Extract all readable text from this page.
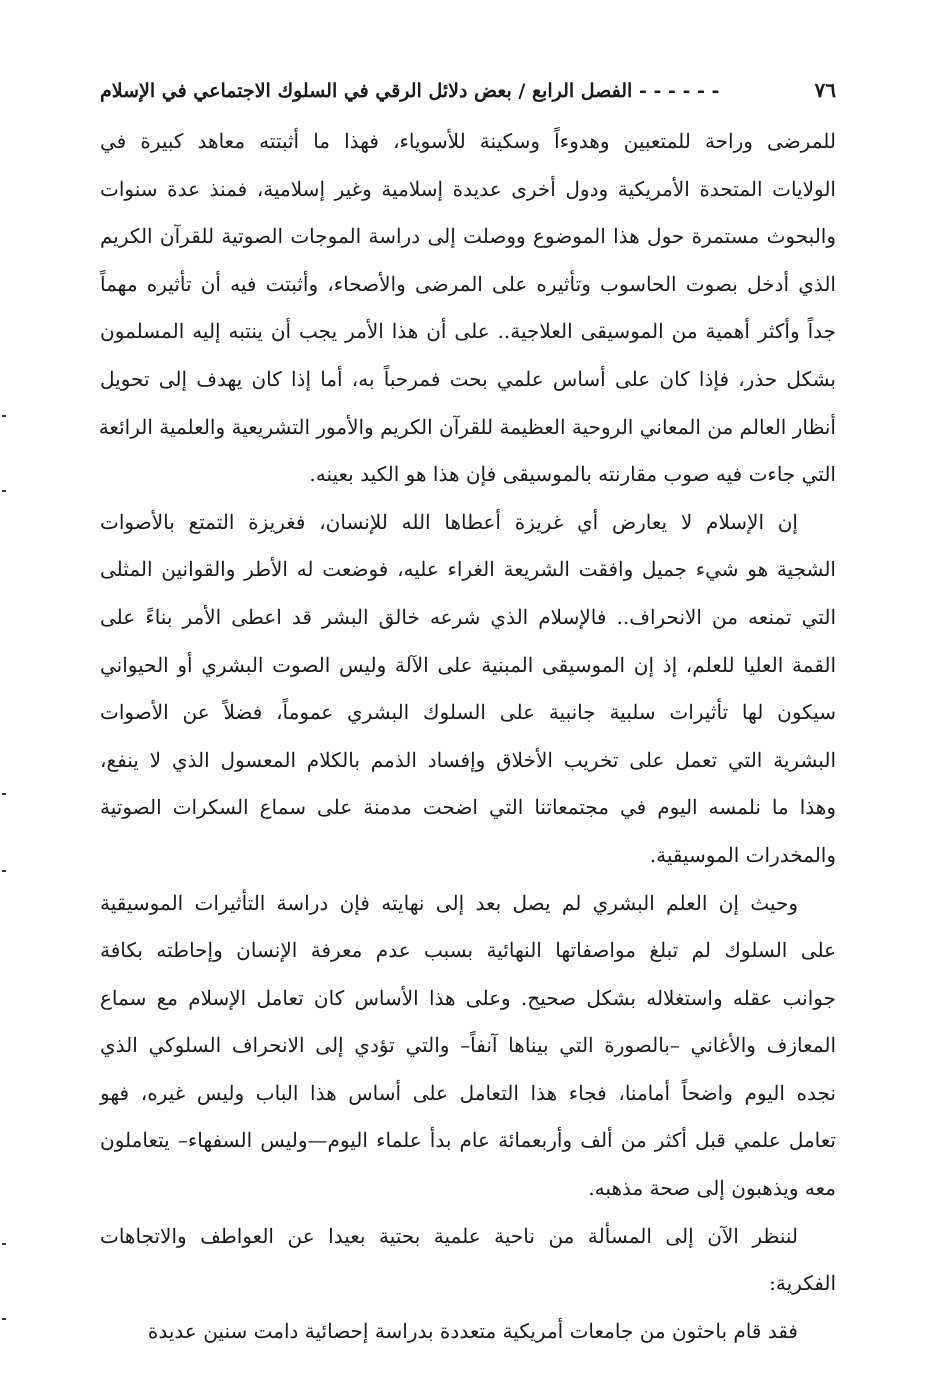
٧٦
- - - - - - الفصل الرابع / بعض دلائل الرقي في السلوك الاجتماعي في الإسلام
للمرضى وراحة للمتعبين وهدوءاً وسكينة للأسوياء، فهذا ما أثبتته معاهد كبيرة في
الولايات المتحدة الأمريكية ودول أخرى عديدة إسلامية وغير إسلامية، فمنذ عدة سنوات
والبحوث مستمرة حول هذا الموضوع ووصلت إلى دراسة الموجات الصوتية للقرآن الكريم
الذي أدخل بصوت الحاسوب وتأثيره على المرضى والأصحاء، وأثبتت فيه أن تأثيره مهماً
جداً وأكثر أهمية من الموسيقى العلاجية.. على أن هذا الأمر يجب أن ينتبه إليه المسلمون
بشكل حذر، فإذا كان على أساس علمي بحت فمرحباً به، أما إذا كان يهدف إلى تحويل
أنظار العالم من المعاني الروحية العظيمة للقرآن الكريم والأمور التشريعية والعلمية الرائعة
التي جاءت فيه صوب مقارنته بالموسيقى فإن هذا هو الكيد بعينه.
إن الإسلام لا يعارض أي غريزة أعطاها الله للإنسان، فغريزة التمتع بالأصوات
الشجية هو شيء جميل وافقت الشريعة الغراء عليه، فوضعت له الأطر والقوانين المثلى
التي تمنعه من الانحراف.. فالإسلام الذي شرعه خالق البشر قد اعطى الأمر بناءً على
القمة العليا للعلم، إذ إن الموسيقى المبنية على الآلة وليس الصوت البشري أو الحيواني
سيكون لها تأثيرات سلبية جانبية على السلوك البشري عموماً، فضلاً عن الأصوات
البشرية التي تعمل على تخريب الأخلاق وإفساد الذمم بالكلام المعسول الذي لا ينفع،
وهذا ما نلمسه اليوم في مجتمعاتنا التي اضحت مدمنة على سماع السكرات الصوتية
والمخدرات الموسيقية.
وحيث إن العلم البشري لم يصل بعد إلى نهايته فإن دراسة التأثيرات الموسيقية
على السلوك لم تبلغ مواصفاتها النهائية بسبب عدم معرفة الإنسان وإحاطته بكافة
جوانب عقله واستغلاله بشكل صحيح. وعلى هذا الأساس كان تعامل الإسلام مع سماع
المعازف والأغاني –بالصورة التي بيناها آنفاً– والتي تؤدي إلى الانحراف السلوكي الذي
نجده اليوم واضحاً أمامنا، فجاء هذا التعامل على أساس هذا الباب وليس غيره، فهو
تعامل علمي قبل أكثر من ألف وأربعمائة عام بدأ علماء اليوم—وليس السفهاء– يتعاملون
معه ويذهبون إلى صحة مذهبه.
لننظر الآن إلى المسألة من ناحية علمية بحتية بعيدا عن العواطف والاتجاهات
الفكرية:
فقد قام باحثون من جامعات أمريكية متعددة بدراسة إحصائية دامت سنين عديدة
